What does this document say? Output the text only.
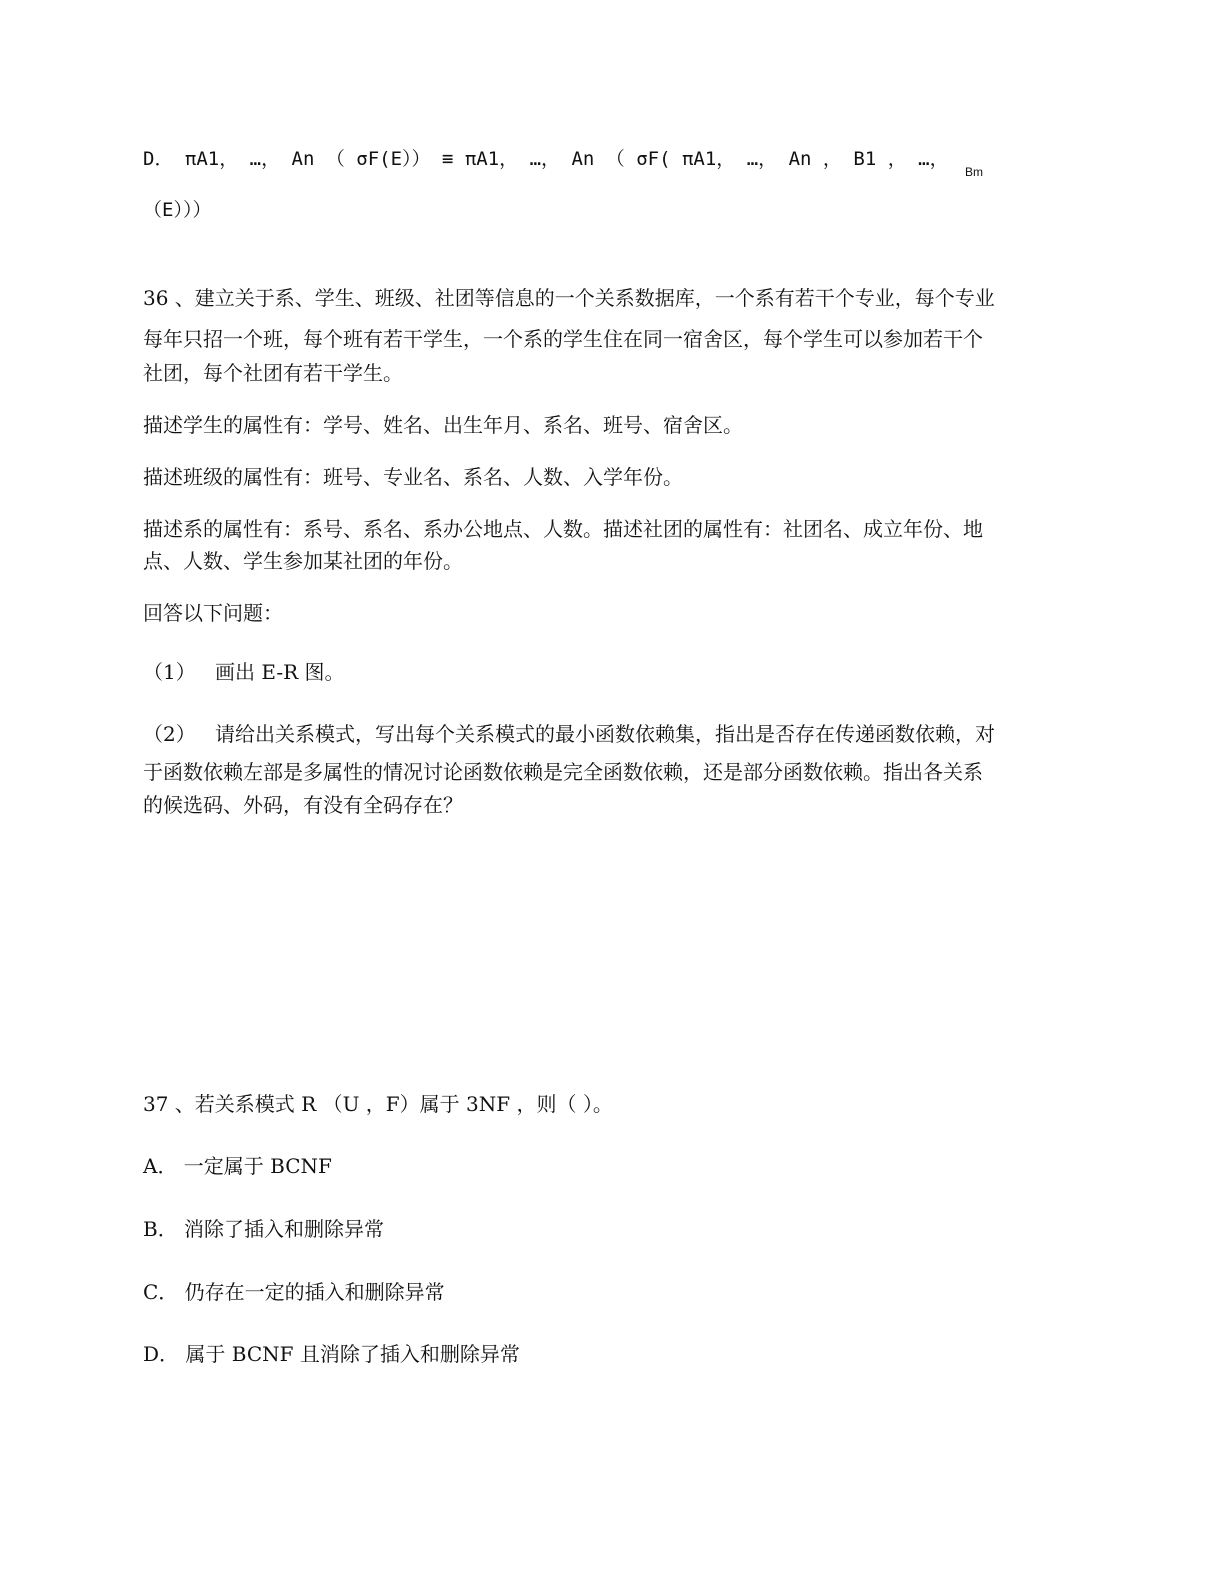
D． πA1， …， An （ σF(E）） ≡ πA1， …， An （ σF( πA1， …， An ， B1 ， …，
Bm
（E）））
36 、建立关于系、学生、班级、社团等信息的一个关系数据库，一个系有若干个专业，每个专业
每年只招一个班，每个班有若干学生，一个系的学生住在同一宿舍区，每个学生可以参加若干个
社团，每个社团有若干学生。
描述学生的属性有：学号、姓名、出生年月、系名、班号、宿舍区。
描述班级的属性有：班号、专业名、系名、人数、入学年份。
描述系的属性有：系号、系名、系办公地点、人数。描述社团的属性有：社团名、成立年份、地
点、人数、学生参加某社团的年份。
回答以下问题：
（1） 画出 E-R 图。
（2） 请给出关系模式，写出每个关系模式的最小函数依赖集，指出是否存在传递函数依赖，对
于函数依赖左部是多属性的情况讨论函数依赖是完全函数依赖，还是部分函数依赖。指出各关系
的候选码、外码，有没有全码存在？
37 、若关系模式 R （U ，F）属于 3NF ，则（ ）。
A． 一定属于 BCNF
B． 消除了插入和删除异常
C． 仍存在一定的插入和删除异常
D． 属于 BCNF 且消除了插入和删除异常
